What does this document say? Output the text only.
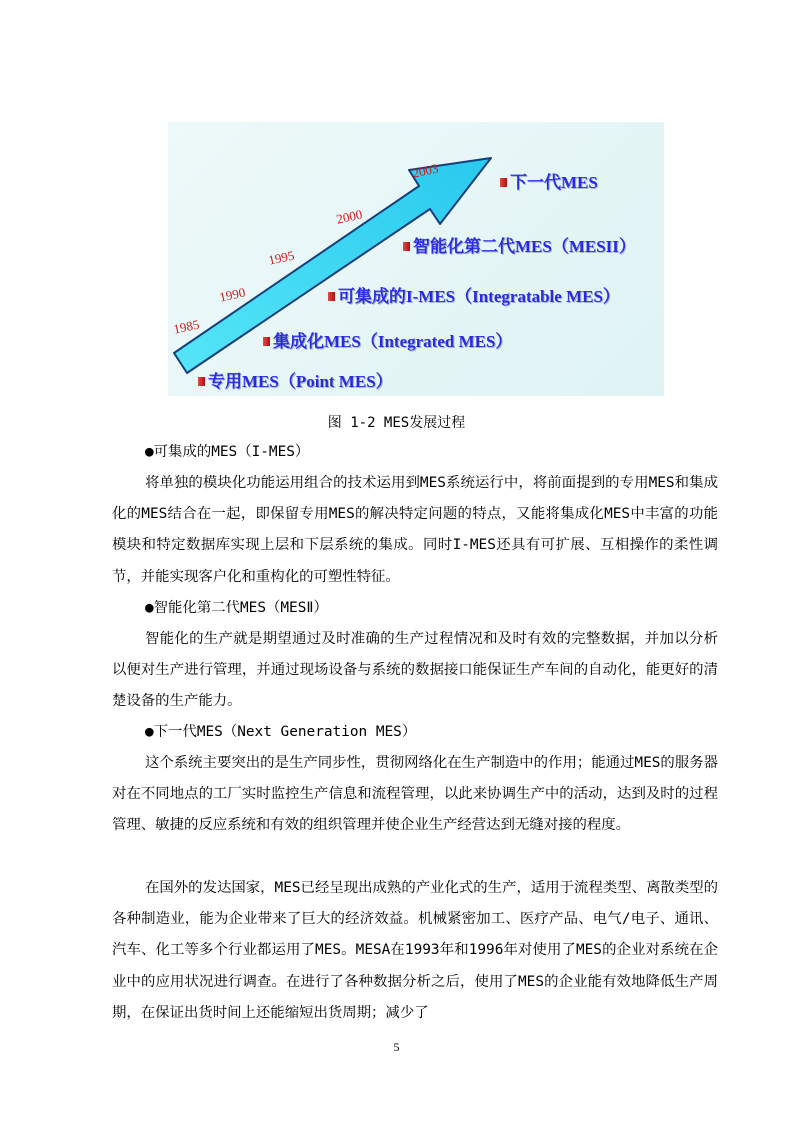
1985
1990
1995
2000
2003
专用MES（Point MES）
集成化MES（Integrated MES）
可集成的I-MES（Integratable MES）
智能化第二代MES（MESII）
下一代MES
图 1-2 MES发展过程
●可集成的MES（I-MES）
将单独的模块化功能运用组合的技术运用到MES系统运行中，将前面提到的专用MES和集成化的MES结合在一起，即保留专用MES的解决特定问题的特点，又能将集成化MES中丰富的功能模块和特定数据库实现上层和下层系统的集成。同时I-MES还具有可扩展、互相操作的柔性调节，并能实现客户化和重构化的可塑性特征。
●智能化第二代MES（MESⅡ）
智能化的生产就是期望通过及时准确的生产过程情况和及时有效的完整数据，并加以分析以便对生产进行管理，并通过现场设备与系统的数据接口能保证生产车间的自动化，能更好的清楚设备的生产能力。
●下一代MES（Next Generation MES）
这个系统主要突出的是生产同步性，贯彻网络化在生产制造中的作用；能通过MES的服务器对在不同地点的工厂实时监控生产信息和流程管理，以此来协调生产中的活动，达到及时的过程管理、敏捷的反应系统和有效的组织管理并使企业生产经营达到无缝对接的程度。
在国外的发达国家，MES已经呈现出成熟的产业化式的生产，适用于流程类型、离散类型的各种制造业，能为企业带来了巨大的经济效益。机械紧密加工、医疗产品、电气/电子、通讯、汽车、化工等多个行业都运用了MES。MESA在1993年和1996年对使用了MES的企业对系统在企业中的应用状况进行调查。在进行了各种数据分析之后，使用了MES的企业能有效地降低生产周期，在保证出货时间上还能缩短出货周期；减少了
5
